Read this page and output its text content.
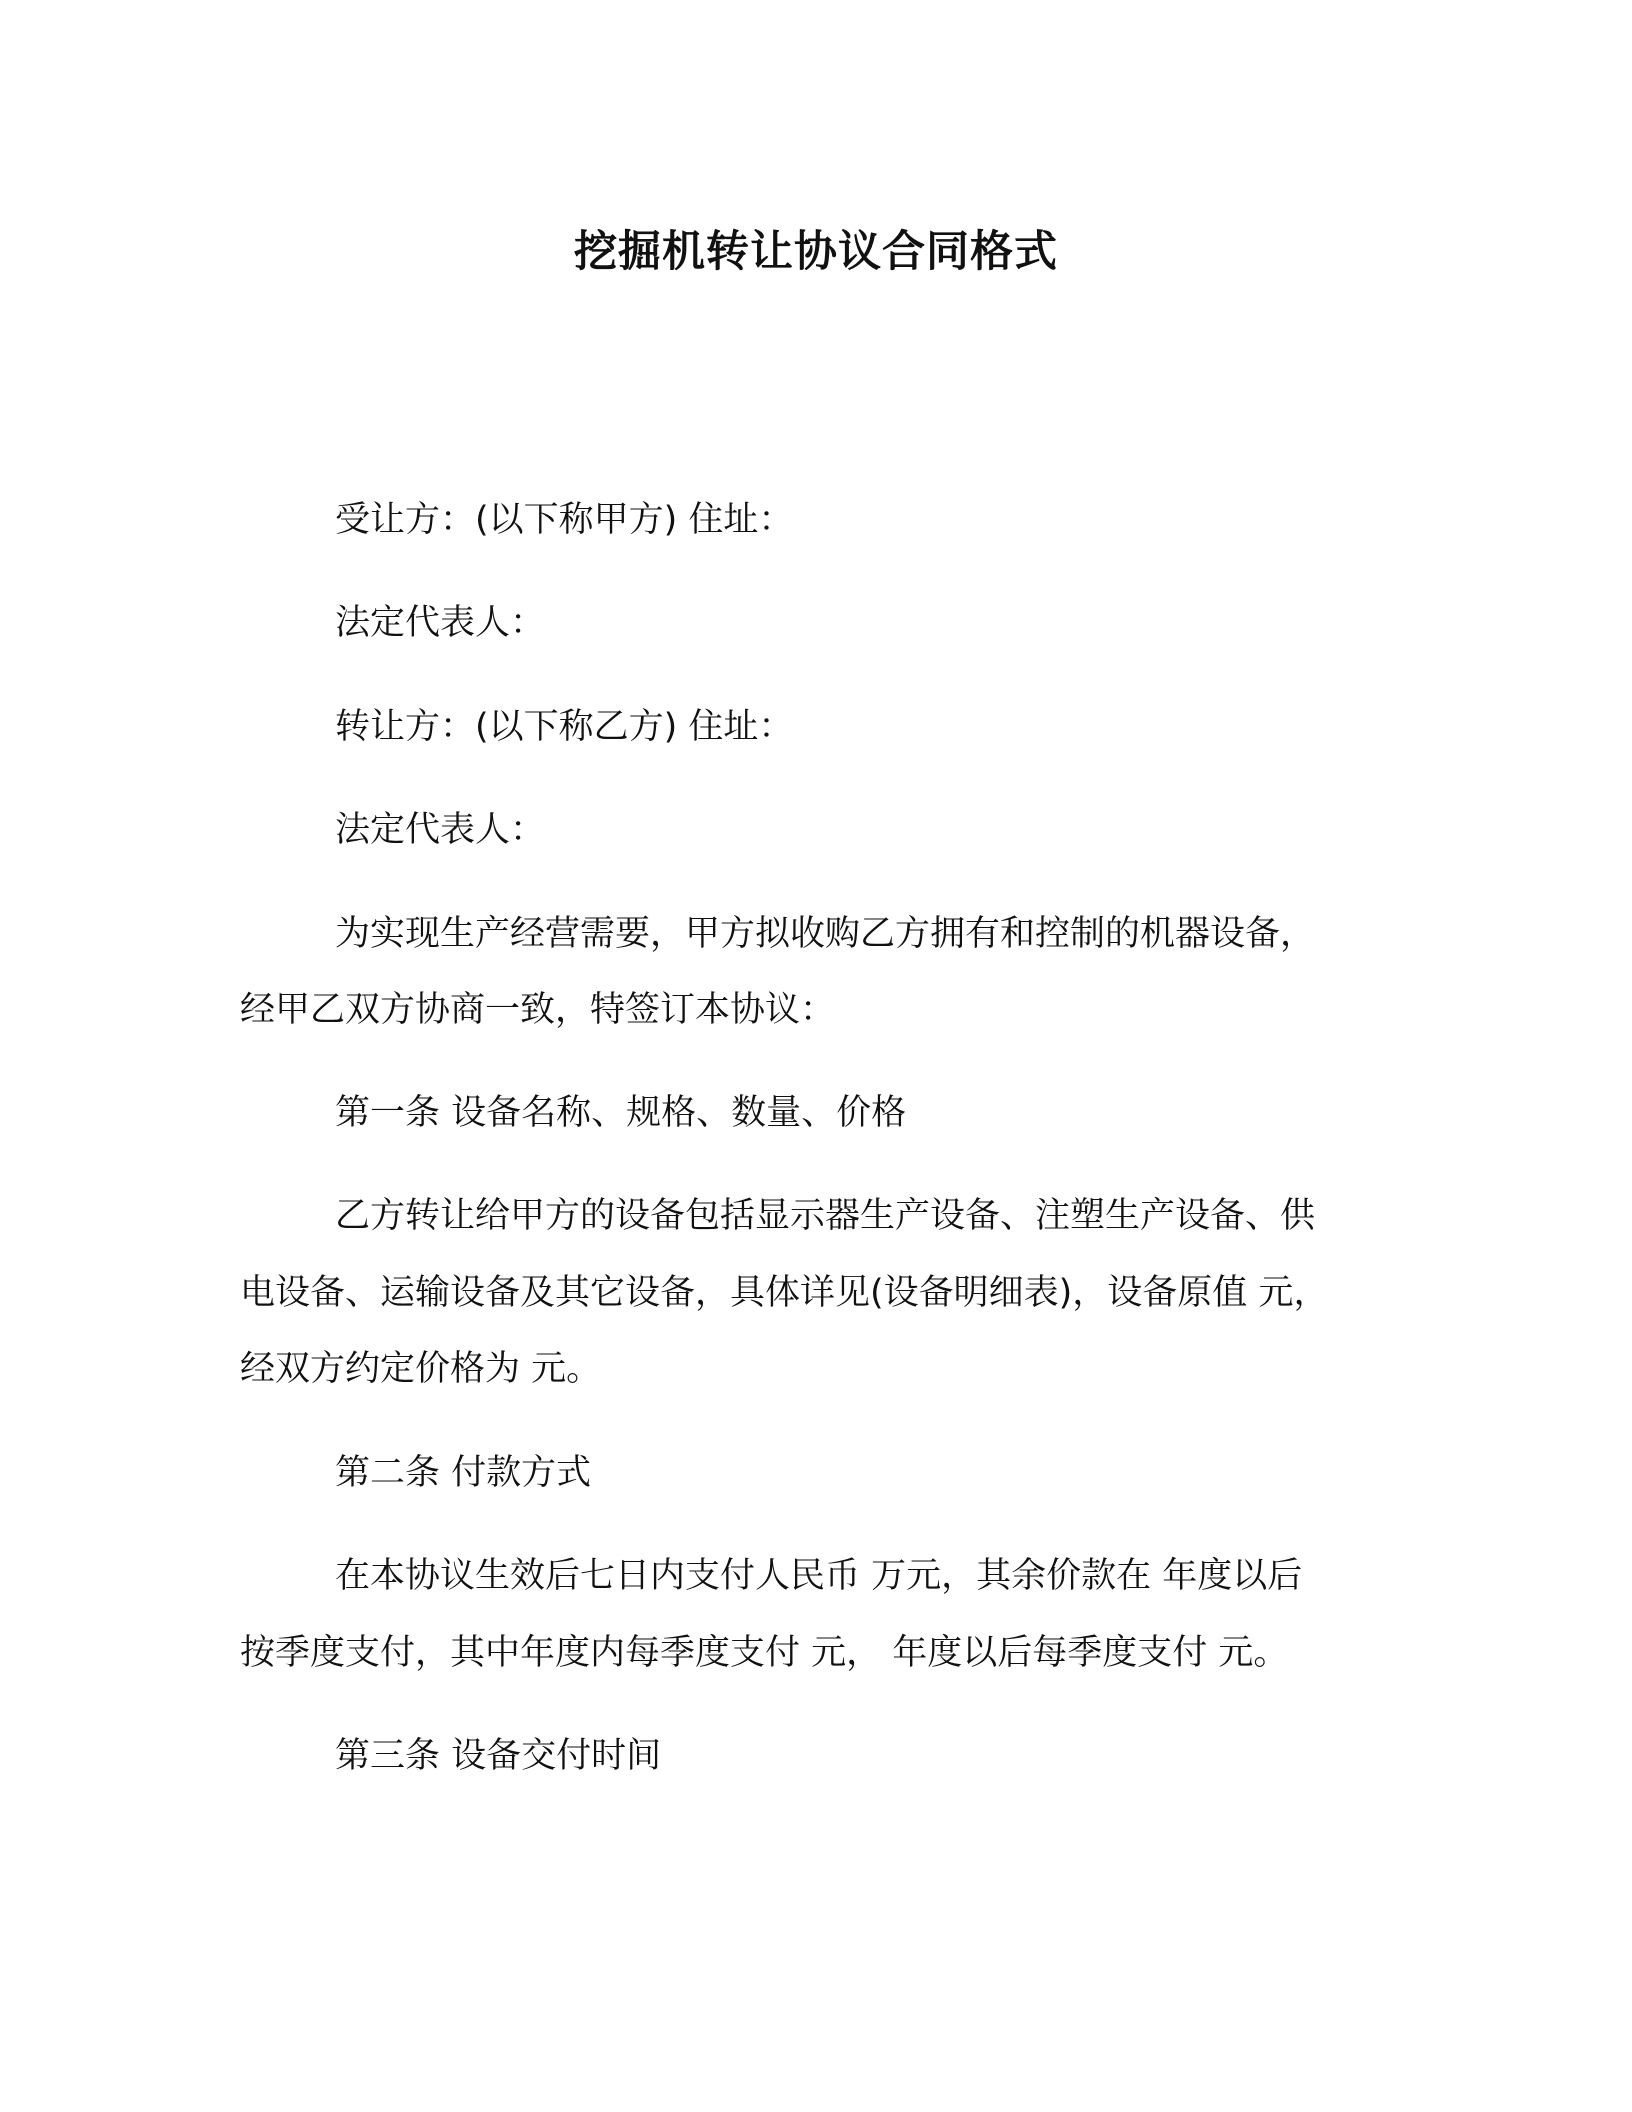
挖掘机转让协议合同格式
受让方：(以下称甲方) 住址：
法定代表人：
转让方：(以下称乙方) 住址：
法定代表人：
为实现生产经营需要，甲方拟收购乙方拥有和控制的机器设备，
经甲乙双方协商一致，特签订本协议：
第一条 设备名称、规格、数量、价格
乙方转让给甲方的设备包括显示器生产设备、注塑生产设备、供
电设备、运输设备及其它设备，具体详见(设备明细表)，设备原值 元，
经双方约定价格为 元。
第二条 付款方式
在本协议生效后七日内支付人民币 万元，其余价款在 年度以后
按季度支付，其中年度内每季度支付 元， 年度以后每季度支付 元。
第三条 设备交付时间
